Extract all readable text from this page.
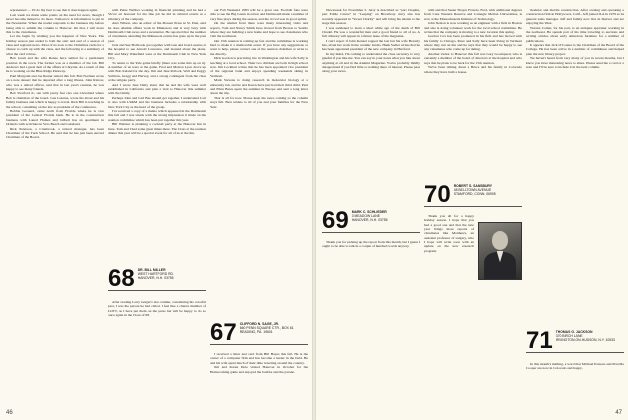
represented — I'll do my best to see that it does happen again.

Last week we made some points on the need for news, though I never become indeed to do more. Tomorrow is information to put in the Newsletter. When the reader responds to the business trip before being able to submit the column to Hanover. On that, I will leave this to the classmates.

Let me begin by wishing you the happiest of New Years. The holiday season just ended is both the start and end of a season of class and regional news. Most of us took to the Christmas cards for a chance to catch up with the class, and the following is a summary of what the card told us.

Bob Gault and his wife Renee have settled for a permanent position in the town. The former was as a member of the lab. Bill Andrews had a great deal of the affairs at Chrysler. As a result of this he is working on the Blue Ridge Parkway.

Paul Margolin and Joe Reuter retired this fall. Bob Norman wrote on a note dessert that he departed after a long illness. John Ristow, who was a retired officer, said that in last year's reunion, he was happy to see many friends.

Bob Stratford Jr., ran with pretty fast cars one Cleveland where Bob is chairman of the board. Gus Lazarus, wrote his about and his family business and which is happy to travel. Rick Bill is teaching in the school, consulting on the law as president of the conference.

Bobbie Leonard, came north from Florida where he is vice president of the Central Florida bank. He is in the construction business with Laurel Homes and Gilbert has an apartment in Orlando with activities in Vero Beach and Lakeland.

Rick Peterson, a Cranbrook, a retired manager, has been Chairman of the Tuck School. He said that he has just been elected Chairman of the Board.

with Paine Webber working in financial planning and he had a Victor art honored for the fine job he did in cultural events as a tributary of the company.

Alex Wilson, also an editor of the Pioneer Press in St. Paul, said he does Alumni affairs work in Minnesota and is very busy with Dartmouth Club news and a newsletter. He reported that the number of classmates attending the Minnesota events has gone up in the past year.

Jack and Sue Holbrook got together with Gus and Jean Lazarus at the hospital to see Arnold Lawrence, and learned about the plans. Bill and Mary Wakefield were at the Dartmouth Club in New York City.

To return to the Yale game briefly (there was some mix up on it). A number of us were at the game. Fred and Marion Lyon drove up with Bob Ireland for the day. Jim and Jane Pollock, Walt and Peggy Sullivan, Gregg and Hervey, and a strong contingent from the class at the tailgate party.

And I wrote Jane Daily sister that he and his wife were well established in California and plan a visit to Hanover this summer with the family.

Perhaps John and Carl Bae should get together. I understand Carl is also with LS&M and his business includes a relationship with New York City as the head of the group.

I've received a copy of a memo which appeared in the Dartmouth this fall and I was struck with the strong impression it made on the reunion committee which has been put together this year.

Bill Webster is planning a cocktail party at the Hanover Inn in June. Tom and I had some great times there. The Class at the reunion dinner this year will be a special event for all of us at the Inn.

68 DR. BILL MILLER
WEST HARTFORD RD.
HANOVER, N.H. 03755

After reading Larry Geiger's last column, considering his colorful past, I was the person he had called. I feel like a charter member of LOTT, as I have put them on the press but will be happy to do so once again in the Class of 68.

our Fall Weekend 1983 will be a great one. Football fans were able to see the Big Green in action and Dartmouth made a number of very fine plays during the season, and the crowd was in good spirits.

On the alumni front there were many interesting visits and reports. Tom and Nancy Smith have moved from Boston to Seattle where they are building a new home and hope to see classmates who visit the northwest.

Our 15th reunion is coming up fast and the committee is working hard to make it a memorable event. If you have any suggestions or want to help, please contact one of the reunion chairmen or write to me directly.

Dick Gordon is practicing law in Washington and his wife Sally is teaching at a local school. Their two children are both in high school now. Jim Lockhart writes that he has been appointed vice president of the regional bank and enjoys spending weekends skiing in Vermont.

Mark Stevens is doing research in molecular biology at a university lab, and he and Karen have just had their third child. Paul and Ellen Bates spent the summer in Europe and sent a long letter about the trip.

That is all for now. Please keep the news coming so the column stays full. Best wishes to all of you and your families for the New Year.

67 CLIFFORD N. SAGE, JR.
660 PENN SQUARE CTR., BOX 61
READING, PA. 19601

I received a letter and card from Bill Hayes this fall. He is the owner of a computer firm and has become a leader in the field. He and his wife spent much of their time traveling around the country.

Jim and Karen Dole visited Hanover in October for the Homecoming game and enjoyed the bonfire and the parade.

46

Newsweek for November 5. Jerry is described as "part Chaplin, part Eddie Cantor" in "Leaping" on Broadway. Jerry also has recently appeared in "Sweet Charity" and will bring his talents to the stage this season.

I was saddened to learn a short while ago of the death of Bill Chadel. He was a wonderful man and a good friend to all of us. A full obituary will appear in a future issue of the magazine.

I can't report if John Kenzel topped the last but his wife Beverly has, about her work in the ceramic studio. Hank Sadler writes that he has been appointed president of the new company in Hartford.

In my mind, I'm coming to understand the class secretary is very gleeful if you like me. You can say in your notes what you like about anything at all and in the Alumni Magazine. You're probably mildly disappointed if you find little or nothing there of interest. Please pass along your news.

69 MARK C. SCHLIEDER
3 MEADOW LANE
HANOVER, N.H. 03755

Thank you for picking up the report from this month, but I guess I ought to be able to talk in a couple of hundred words anyway.

with and that Susan Thayer Francis, Fred, with additional degrees from Case Western Reserve and Carnegie Mellon Universities, is now at the Massachusetts Institute of Technology.

John Nelson is now working as an engineer with a firm in Boston and also is doing volunteer work for the local school committee. He writes that the company is moving to a new location this spring.

Gordon Cox has been promoted in his firm and has moved with his family to Chicago. Peter and Sally have been living in Vermont where they run an inn and he says that they would be happy to see any classmates who come up for skiing.

Another visitor to Hanover this fall was Gary Goodspeed, who is currently a member of the board of directors at the hospital and who says that he plans to be back for the 15th reunion.

We've been talking about a Bruce and his family in Colorado where they have built a house.

70 ROBERT S. SANSBURY
48 BELLTOWN AVENUE
STAMFORD, CONN. 06905

Thank you all for a happy holiday season. I hope that you had a good one and that the new year brings more reports of classmates like Matthews, an assistant professor of surgery, who I hope will write soon with an update on the new research program.

modular and mobile construction. After owning and operating a construction firm in Hollywood, Calif., Jeff joined ILA in 1979 as its general sales manager. Jeff and family now live in Denver and are enjoying the West.

Warren Comer, for his part, is an antiques appraiser working in the northeast. He spends part of his time traveling to auctions and writing articles about early American furniture for a number of publications.

It appears that Jack O'Connor is the Chairman of the Board of the College. He has been active in a number of committees and helped plan the new library project.

We haven't heard from very many of you in recent months, but I know you have interesting news to share. Please send me a card or a note and I'll be sure to include it in the next column.

71 THOMAS G. JACKSON
370 BIRCH LANE
IRVINGTON-ON-HUDSON, N.Y. 10533

In this month's mailing, a word that Michael Parsons and Priscilla Cooper are now in Colorado and happy.

47
